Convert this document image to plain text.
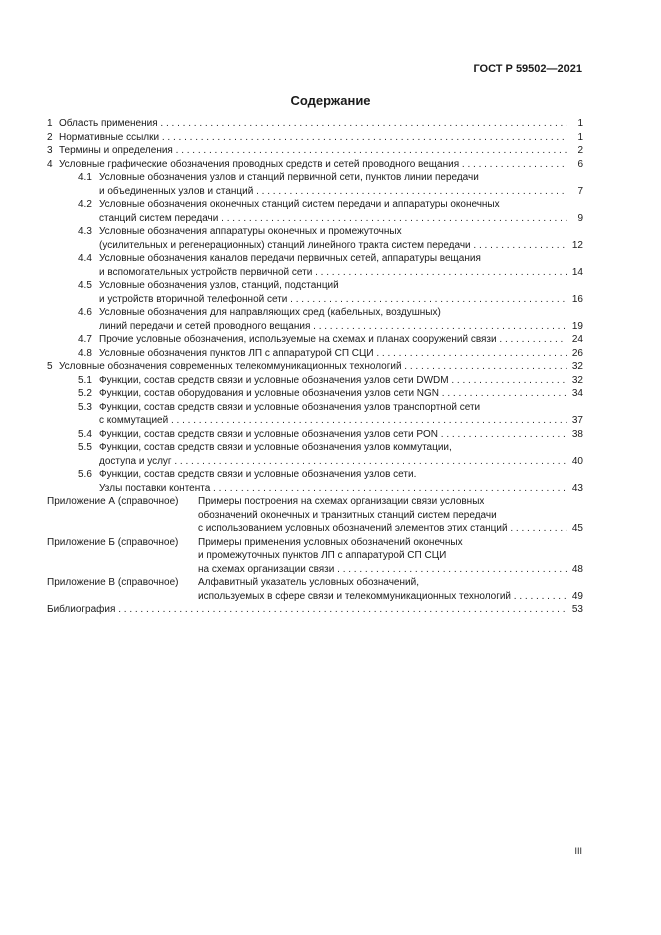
ГОСТ Р 59502—2021
Содержание
1 Область применения . . .	1
2 Нормативные ссылки . . .	1
3 Термины и определения . . .	2
4 Условные графические обозначения проводных средств и сетей проводного вещания . . .	6
4.1 Условные обозначения узлов и станций первичной сети, пунктов линии передачи
и объединенных узлов и станций . . .	7
4.2 Условные обозначения оконечных станций систем передачи и аппаратуры оконечных
станций систем передачи . . .	9
4.3 Условные обозначения аппаратуры оконечных и промежуточных
(усилительных и регенерационных) станций линейного тракта систем передачи . . .	12
4.4 Условные обозначения каналов передачи первичных сетей, аппаратуры вещания
и вспомогательных устройств первичной сети . . .	14
4.5 Условные обозначения узлов, станций, подстанций
и устройств вторичной телефонной сети . . .	16
4.6 Условные обозначения для направляющих сред (кабельных, воздушных)
линий передачи и сетей проводного вещания . . .	19
4.7 Прочие условные обозначения, используемые на схемах и планах сооружений связи . . .	24
4.8 Условные обозначения пунктов ЛП с аппаратурой СП СЦИ . . .	26
5 Условные обозначения современных телекоммуникационных технологий . . .	32
5.1 Функции, состав средств связи и условные обозначения узлов сети DWDM . . .	32
5.2 Функции, состав оборудования и условные обозначения узлов сети NGN . . .	34
5.3 Функции, состав средств связи и условные обозначения узлов транспортной сети
с коммутацией . . .	37
5.4 Функции, состав средств связи и условные обозначения узлов сети PON . . .	38
5.5 Функции, состав средств связи и условные обозначения узлов коммутации,
доступа и услуг . . .	40
5.6 Функции, состав средств связи и условные обозначения узлов сети.
Узлы поставки контента . . .	43
Приложение А (справочное) Примеры построения на схемах организации связи условных
обозначений оконечных и транзитных станций систем передачи
с использованием условных обозначений элементов этих станций . . .	45
Приложение Б (справочное) Примеры применения условных обозначений оконечных
и промежуточных пунктов ЛП с аппаратурой СП СЦИ
на схемах организации связи . . .	48
Приложение В (справочное) Алфавитный указатель условных обозначений,
используемых в сфере связи и телекоммуникационных технологий . . .	49
Библиография . . .	53
III
